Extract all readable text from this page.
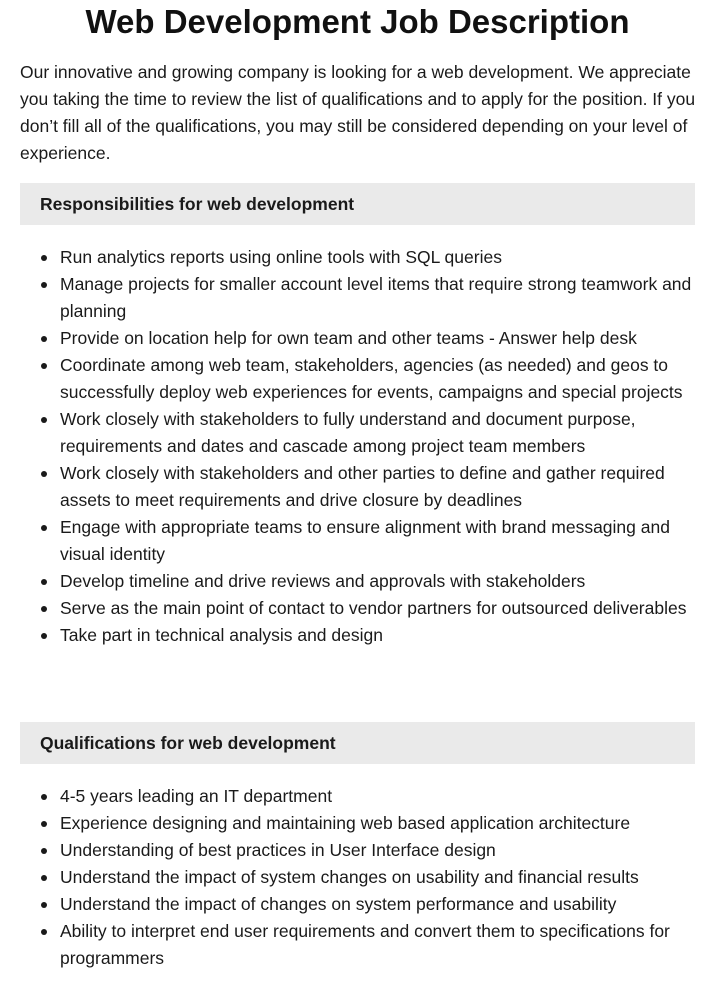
Web Development Job Description

Our innovative and growing company is looking for a web development. We appreciate you taking the time to review the list of qualifications and to apply for the position. If you don’t fill all of the qualifications, you may still be considered depending on your level of experience.

Responsibilities for web development
Run analytics reports using online tools with SQL queries
Manage projects for smaller account level items that require strong teamwork and planning
Provide on location help for own team and other teams - Answer help desk
Coordinate among web team, stakeholders, agencies (as needed) and geos to successfully deploy web experiences for events, campaigns and special projects
Work closely with stakeholders to fully understand and document purpose, requirements and dates and cascade among project team members
Work closely with stakeholders and other parties to define and gather required assets to meet requirements and drive closure by deadlines
Engage with appropriate teams to ensure alignment with brand messaging and visual identity
Develop timeline and drive reviews and approvals with stakeholders
Serve as the main point of contact to vendor partners for outsourced deliverables
Take part in technical analysis and design
Qualifications for web development
4-5 years leading an IT department
Experience designing and maintaining web based application architecture
Understanding of best practices in User Interface design
Understand the impact of system changes on usability and financial results
Understand the impact of changes on system performance and usability
Ability to interpret end user requirements and convert them to specifications for programmers
